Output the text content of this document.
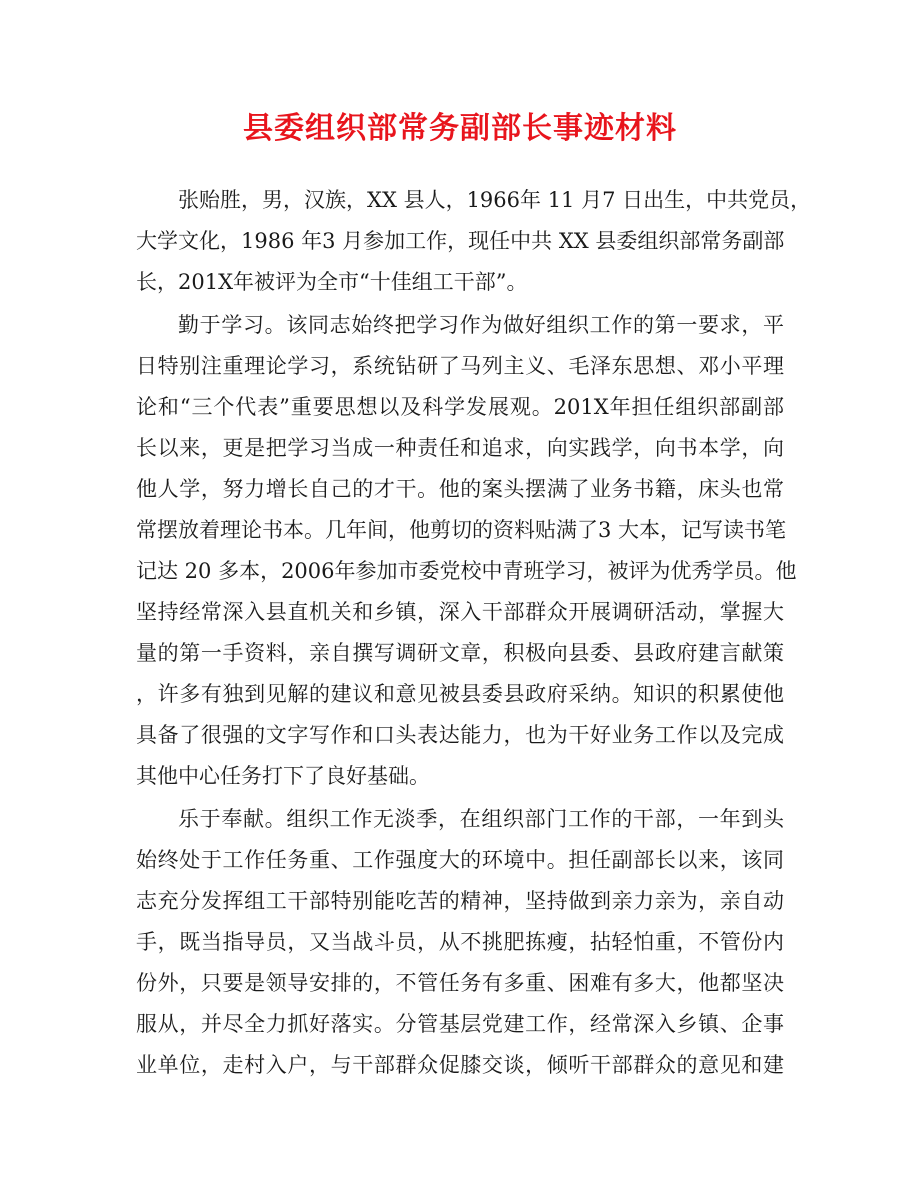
县委组织部常务副部长事迹材料
张贻胜，男，汉族，XX 县人，1966年 11 月7 日出生，中共党员，
大学文化，1986 年3 月参加工作，现任中共 XX 县委组织部常务副部
长，201X年被评为全市“十佳组工干部”。
勤于学习。该同志始终把学习作为做好组织工作的第一要求，平
日特别注重理论学习，系统钻研了马列主义、毛泽东思想、邓小平理
论和“三个代表”重要思想以及科学发展观。201X年担任组织部副部
长以来，更是把学习当成一种责任和追求，向实践学，向书本学，向
他人学，努力增长自己的才干。他的案头摆满了业务书籍，床头也常
常摆放着理论书本。几年间，他剪切的资料贴满了3 大本，记写读书笔
记达 20 多本，2006年参加市委党校中青班学习，被评为优秀学员。他
坚持经常深入县直机关和乡镇，深入干部群众开展调研活动，掌握大
量的第一手资料，亲自撰写调研文章，积极向县委、县政府建言献策
，许多有独到见解的建议和意见被县委县政府采纳。知识的积累使他
具备了很强的文字写作和口头表达能力，也为干好业务工作以及完成
其他中心任务打下了良好基础。
乐于奉献。组织工作无淡季，在组织部门工作的干部，一年到头
始终处于工作任务重、工作强度大的环境中。担任副部长以来，该同
志充分发挥组工干部特别能吃苦的精神，坚持做到亲力亲为，亲自动
手，既当指导员，又当战斗员，从不挑肥拣瘦，拈轻怕重，不管份内
份外，只要是领导安排的，不管任务有多重、困难有多大，他都坚决
服从，并尽全力抓好落实。分管基层党建工作，经常深入乡镇、企事
业单位，走村入户，与干部群众促膝交谈，倾听干部群众的意见和建
